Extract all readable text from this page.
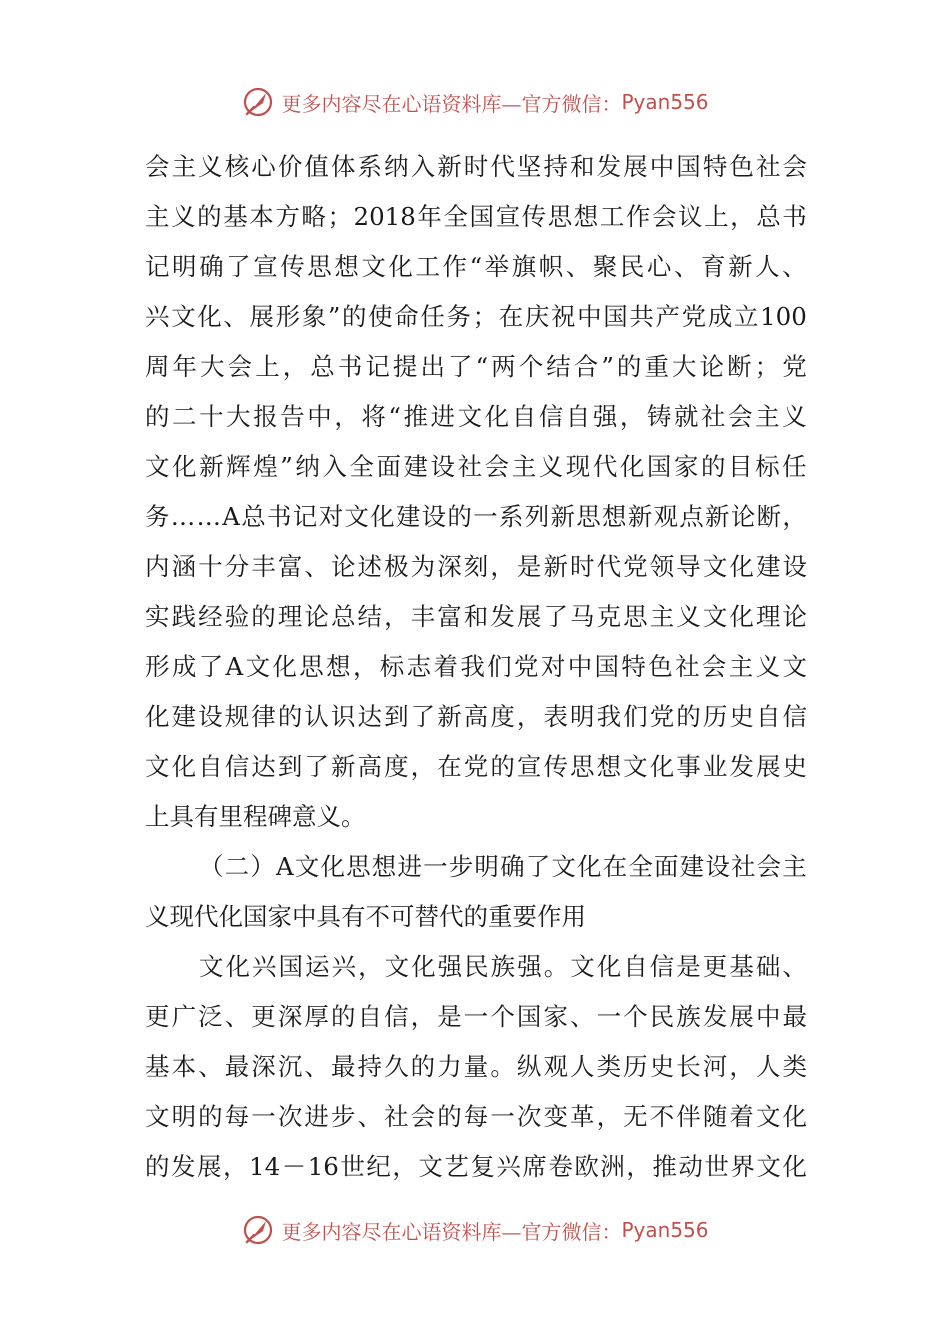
更多内容尽在心语资料库—官方微信： Pyan556
会 主 义 核 心 价 值 体 系 纳 入 新 时 代 坚 持 和 发 展 中 国 特 色 社 会
主 义 的 基 本 方 略 ； 2018 年 全 国 宣 传 思 想 工 作 会 议 上 ， 总 书
记 明 确 了 宣 传 思 想 文 化 工 作 “ 举 旗 帜 、 聚 民 心 、 育 新 人 、
兴 文 化 、 展 形 象 ” 的 使 命 任 务 ； 在 庆 祝 中 国 共 产 党 成 立 100
周 年 大 会 上 ， 总 书 记 提 出 了 “ 两 个 结 合 ” 的 重 大 论 断 ； 党
的 二 十 大 报 告 中 ， 将 “ 推 进 文 化 自 信 自 强 ， 铸 就 社 会 主 义
文 化 新 辉 煌 ” 纳 入 全 面 建 设 社 会 主 义 现 代 化 国 家 的 目 标 任
务 … … A 总 书 记 对 文 化 建 设 的 一 系 列 新 思 想 新 观 点 新 论 断 ，
内 涵 十 分 丰 富 、 论 述 极 为 深 刻 ， 是 新 时 代 党 领 导 文 化 建 设
实 践 经 验 的 理 论 总 结 ， 丰 富 和 发 展 了 马 克 思 主 义 文 化 理 论
形 成 了 A 文 化 思 想 ， 标 志 着 我 们 党 对 中 国 特 色 社 会 主 义 文
化 建 设 规 律 的 认 识 达 到 了 新 高 度 ， 表 明 我 们 党 的 历 史 自 信
文 化 自 信 达 到 了 新 高 度 ， 在 党 的 宣 传 思 想 文 化 事 业 发 展 史
上具有里程碑意义。
（ 二 ） A 文 化 思 想 进 一 步 明 确 了 文 化 在 全 面 建 设 社 会 主
义现代化国家中具有不可替代的重要作用
文 化 兴 国 运 兴 ， 文 化 强 民 族 强 。 文 化 自 信 是 更 基 础 、
更 广 泛 、 更 深 厚 的 自 信 ， 是 一 个 国 家 、 一 个 民 族 发 展 中 最
基 本 、 最 深 沉 、 最 持 久 的 力 量 。 纵 观 人 类 历 史 长 河 ， 人 类
文 明 的 每 一 次 进 步 、 社 会 的 每 一 次 变 革 ， 无 不 伴 随 着 文 化
的 发 展 ， 14 － 16 世 纪 ， 文 艺 复 兴 席 卷 欧 洲 ， 推 动 世 界 文 化
更多内容尽在心语资料库—官方微信： Pyan556
